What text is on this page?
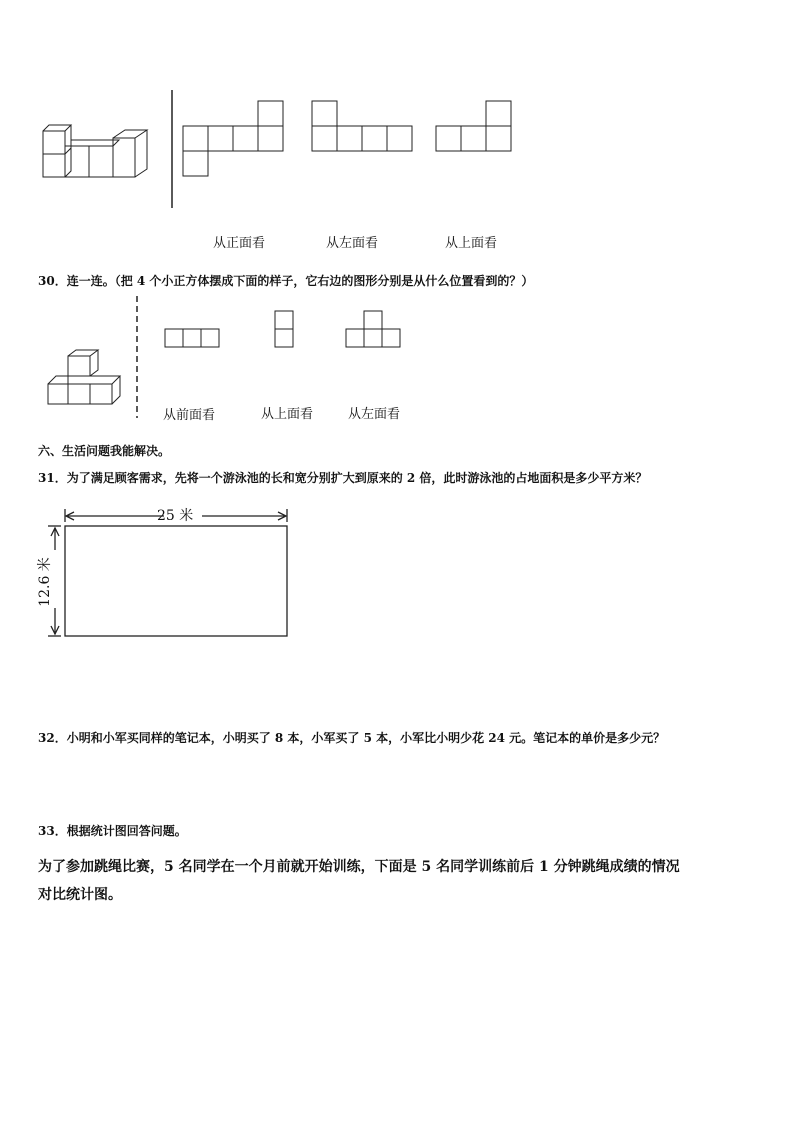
从正面看	从左面看	从上面看
30．连一连。（把 4 个小正方体摆成下面的样子，它右边的图形分别是从什么位置看到的？）
从前面看	从上面看	从左面看
六、生活问题我能解决。
31．为了满足顾客需求，先将一个游泳池的长和宽分别扩大到原来的 2 倍，此时游泳池的占地面积是多少平方米？
25 米
12.6 米
32．小明和小军买同样的笔记本，小明买了 8 本，小军买了 5 本，小军比小明少花 24 元。笔记本的单价是多少元？
33．根据统计图回答问题。
为了参加跳绳比赛，5 名同学在一个月前就开始训练，下面是 5 名同学训练前后 1 分钟跳绳成绩的情况
对比统计图。
